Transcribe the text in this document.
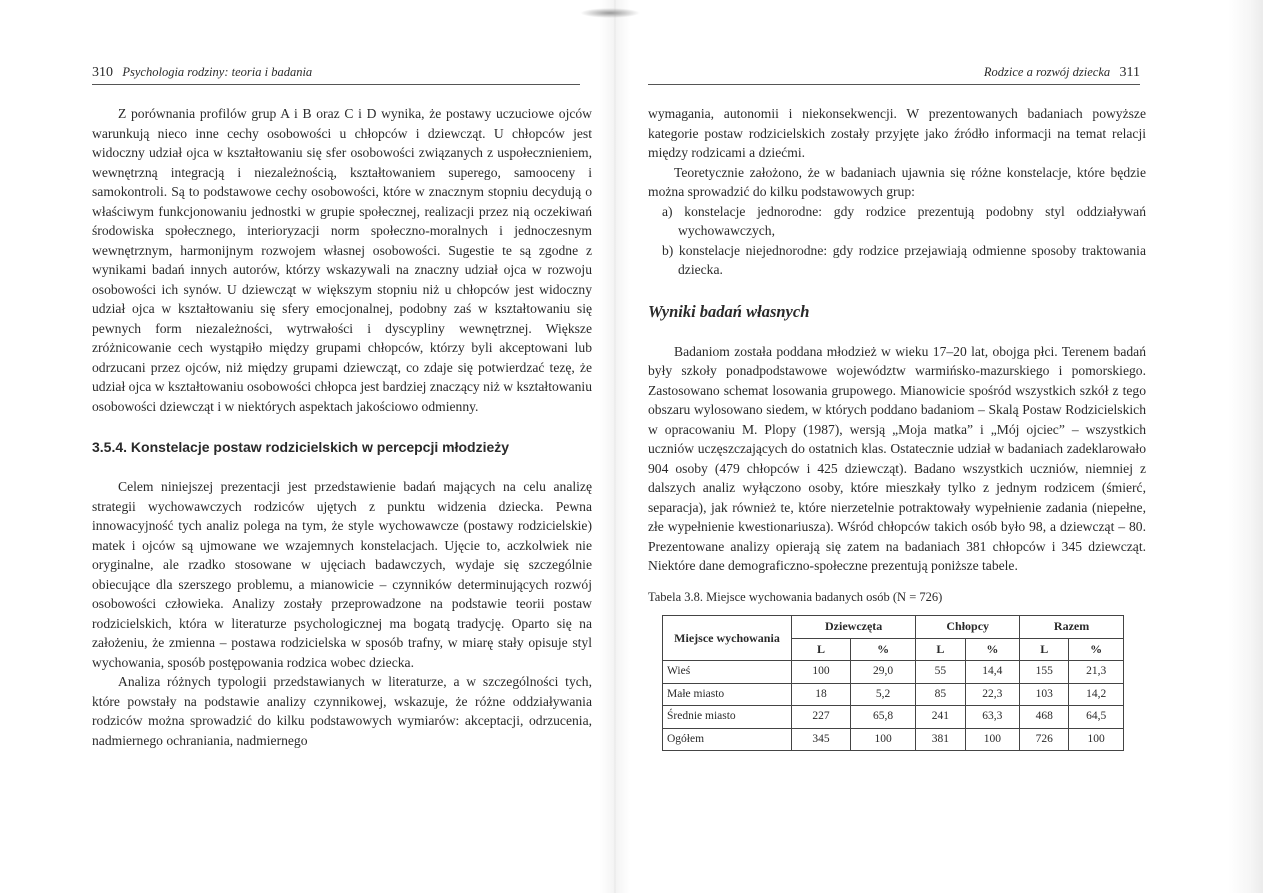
310 Psychologia rodziny: teoria i badania

Z porównania profilów grup A i B oraz C i D wynika, że postawy uczuciowe ojców warunkują nieco inne cechy osobowości u chłopców i dziewcząt. U chłopców jest widoczny udział ojca w kształtowaniu się sfer osobowości związanych z uspołecznieniem, wewnętrzną integracją i niezależnością, kształtowaniem superego, samooceny i samokontroli. Są to podstawowe cechy osobowości, które w znacznym stopniu decydują o właściwym funkcjonowaniu jednostki w grupie społecznej, realizacji przez nią oczekiwań środowiska społecznego, interioryzacji norm społeczno-moralnych i jednoczesnym wewnętrznym, harmonijnym rozwojem własnej osobowości. Sugestie te są zgodne z wynikami badań innych autorów, którzy wskazywali na znaczny udział ojca w rozwoju osobowości ich synów. U dziewcząt w większym stopniu niż u chłopców jest widoczny udział ojca w kształtowaniu się sfery emocjonalnej, podobny zaś w kształtowaniu się pewnych form niezależności, wytrwałości i dyscypliny wewnętrznej. Większe zróżnicowanie cech wystąpiło między grupami chłopców, którzy byli akceptowani lub odrzucani przez ojców, niż między grupami dziewcząt, co zdaje się potwierdzać tezę, że udział ojca w kształtowaniu osobowości chłopca jest bardziej znaczący niż w kształtowaniu osobowości dziewcząt i w niektórych aspektach jakościowo odmienny.

3.5.4. Konstelacje postaw rodzicielskich w percepcji młodzieży

Celem niniejszej prezentacji jest przedstawienie badań mających na celu analizę strategii wychowawczych rodziców ujętych z punktu widzenia dziecka. Pewna innowacyjność tych analiz polega na tym, że style wychowawcze (postawy rodzicielskie) matek i ojców są ujmowane we wzajemnych konstelacjach. Ujęcie to, aczkolwiek nie oryginalne, ale rzadko stosowane w ujęciach badawczych, wydaje się szczególnie obiecujące dla szerszego problemu, a mianowicie – czynników determinujących rozwój osobowości człowieka. Analizy zostały przeprowadzone na podstawie teorii postaw rodzicielskich, która w literaturze psychologicznej ma bogatą tradycję. Oparto się na założeniu, że zmienna – postawa rodzicielska w sposób trafny, w miarę stały opisuje styl wychowania, sposób postępowania rodzica wobec dziecka.

Analiza różnych typologii przedstawianych w literaturze, a w szczególności tych, które powstały na podstawie analizy czynnikowej, wskazuje, że różne oddziaływania rodziców można sprowadzić do kilku podstawowych wymiarów: akceptacji, odrzucenia, nadmiernego ochraniania, nadmiernego

Rodzice a rozwój dziecka 311

wymagania, autonomii i niekonsekwencji. W prezentowanych badaniach powyższe kategorie postaw rodzicielskich zostały przyjęte jako źródło informacji na temat relacji między rodzicami a dziećmi.

Teoretycznie założono, że w badaniach ujawnia się różne konstelacje, które będzie można sprowadzić do kilku podstawowych grup:

a) konstelacje jednorodne: gdy rodzice prezentują podobny styl oddziaływań wychowawczych,

b) konstelacje niejednorodne: gdy rodzice przejawiają odmienne sposoby traktowania dziecka.

Wyniki badań własnych

Badaniom została poddana młodzież w wieku 17–20 lat, obojga płci. Terenem badań były szkoły ponadpodstawowe województw warmińsko-mazurskiego i pomorskiego. Zastosowano schemat losowania grupowego. Mianowicie spośród wszystkich szkół z tego obszaru wylosowano siedem, w których poddano badaniom – Skalą Postaw Rodzicielskich w opracowaniu M. Plopy (1987), wersją „Moja matka” i „Mój ojciec” – wszystkich uczniów uczęszczających do ostatnich klas. Ostatecznie udział w badaniach zadeklarowało 904 osoby (479 chłopców i 425 dziewcząt). Badano wszystkich uczniów, niemniej z dalszych analiz wyłączono osoby, które mieszkały tylko z jednym rodzicem (śmierć, separacja), jak również te, które nierzetelnie potraktowały wypełnienie zadania (niepełne, złe wypełnienie kwestionariusza). Wśród chłopców takich osób było 98, a dziewcząt – 80. Prezentowane analizy opierają się zatem na badaniach 381 chłopców i 345 dziewcząt. Niektóre dane demograficzno-społeczne prezentują poniższe tabele.

Tabela 3.8. Miejsce wychowania badanych osób (N = 726)

Miejsce wychowania	Dziewczęta		Chłopcy		Razem	
	L	%	L	%	L	%
Wieś	100	29,0	55	14,4	155	21,3
Małe miasto	18	5,2	85	22,3	103	14,2
Średnie miasto	227	65,8	241	63,3	468	64,5
Ogółem	345	100	381	100	726	100
